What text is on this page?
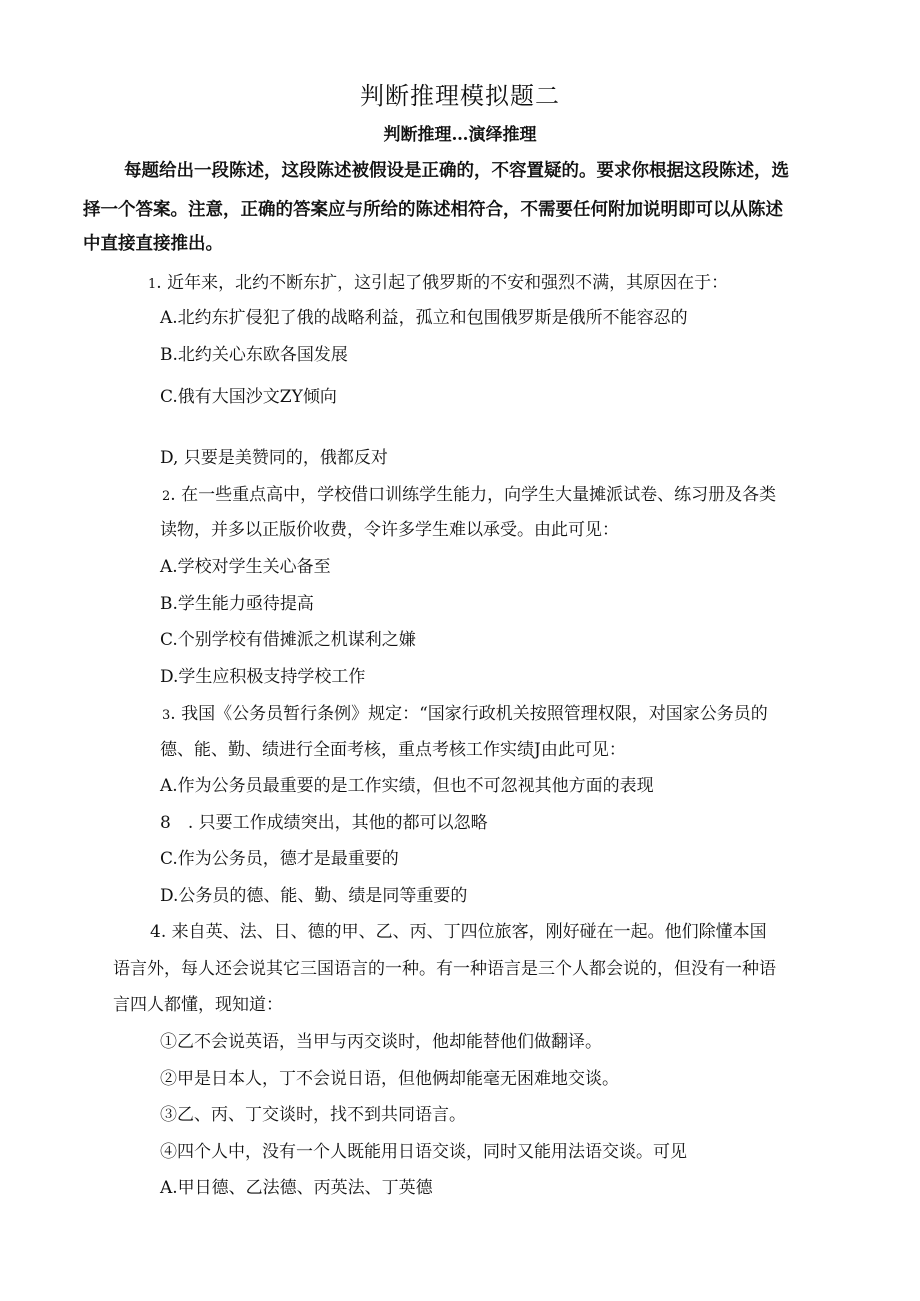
判断推理模拟题二
判断推理…演绎推理
每题给出一段陈述，这段陈述被假设是正确的，不容置疑的。要求你根据这段陈述，选
择一个答案。注意，正确的答案应与所给的陈述相符合，不需要任何附加说明即可以从陈述
中直接直接推出。
1. 近年来，北约不断东扩，这引起了俄罗斯的不安和强烈不满，其原因在于：
A.北约东扩侵犯了俄的战略利益，孤立和包围俄罗斯是俄所不能容忍的
B.北约关心东欧各国发展
C.俄有大国沙文ZY倾向
D, 只要是美赞同的，俄都反对
2. 在一些重点高中，学校借口训练学生能力，向学生大量摊派试卷、练习册及各类
读物，并多以正版价收费，令许多学生难以承受。由此可见：
A.学校对学生关心备至
B.学生能力亟待提高
C.个别学校有借摊派之机谋利之嫌
D.学生应积极支持学校工作
3. 我国《公务员暂行条例》规定：“国家行政机关按照管理权限，对国家公务员的
德、能、勤、绩进行全面考核，重点考核工作实绩J由此可见：
A.作为公务员最重要的是工作实绩，但也不可忽视其他方面的表现
8　. 只要工作成绩突出，其他的都可以忽略
C.作为公务员，德才是最重要的
D.公务员的德、能、勤、绩是同等重要的
4. 来自英、法、日、德的甲、乙、丙、丁四位旅客，刚好碰在一起。他们除懂本国
语言外，每人还会说其它三国语言的一种。有一种语言是三个人都会说的，但没有一种语
言四人都懂，现知道：
①乙不会说英语，当甲与丙交谈时，他却能替他们做翻译。
②甲是日本人，丁不会说日语，但他俩却能毫无困难地交谈。
③乙、丙、丁交谈时，找不到共同语言。
④四个人中，没有一个人既能用日语交谈，同时又能用法语交谈。可见
A.甲日德、乙法德、丙英法、丁英德
